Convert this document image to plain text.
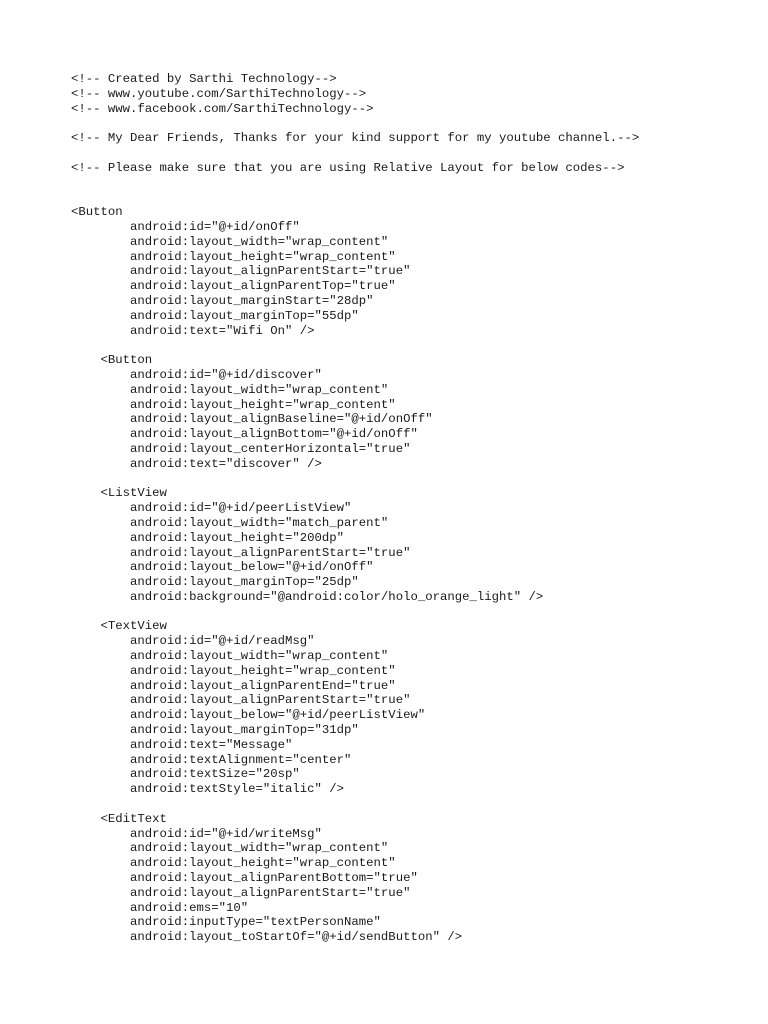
<!-- Created by Sarthi Technology-->
<!-- www.youtube.com/SarthiTechnology-->
<!-- www.facebook.com/SarthiTechnology-->
<!-- My Dear Friends, Thanks for your kind support for my youtube channel.-->
<!-- Please make sure that you are using Relative Layout for below codes-->
<Button
android:id="@+id/onOff"
android:layout_width="wrap_content"
android:layout_height="wrap_content"
android:layout_alignParentStart="true"
android:layout_alignParentTop="true"
android:layout_marginStart="28dp"
android:layout_marginTop="55dp"
android:text="Wifi On" />
<Button
android:id="@+id/discover"
android:layout_width="wrap_content"
android:layout_height="wrap_content"
android:layout_alignBaseline="@+id/onOff"
android:layout_alignBottom="@+id/onOff"
android:layout_centerHorizontal="true"
android:text="discover" />
<ListView
android:id="@+id/peerListView"
android:layout_width="match_parent"
android:layout_height="200dp"
android:layout_alignParentStart="true"
android:layout_below="@+id/onOff"
android:layout_marginTop="25dp"
android:background="@android:color/holo_orange_light" />
<TextView
android:id="@+id/readMsg"
android:layout_width="wrap_content"
android:layout_height="wrap_content"
android:layout_alignParentEnd="true"
android:layout_alignParentStart="true"
android:layout_below="@+id/peerListView"
android:layout_marginTop="31dp"
android:text="Message"
android:textAlignment="center"
android:textSize="20sp"
android:textStyle="italic" />
<EditText
android:id="@+id/writeMsg"
android:layout_width="wrap_content"
android:layout_height="wrap_content"
android:layout_alignParentBottom="true"
android:layout_alignParentStart="true"
android:ems="10"
android:inputType="textPersonName"
android:layout_toStartOf="@+id/sendButton" />
